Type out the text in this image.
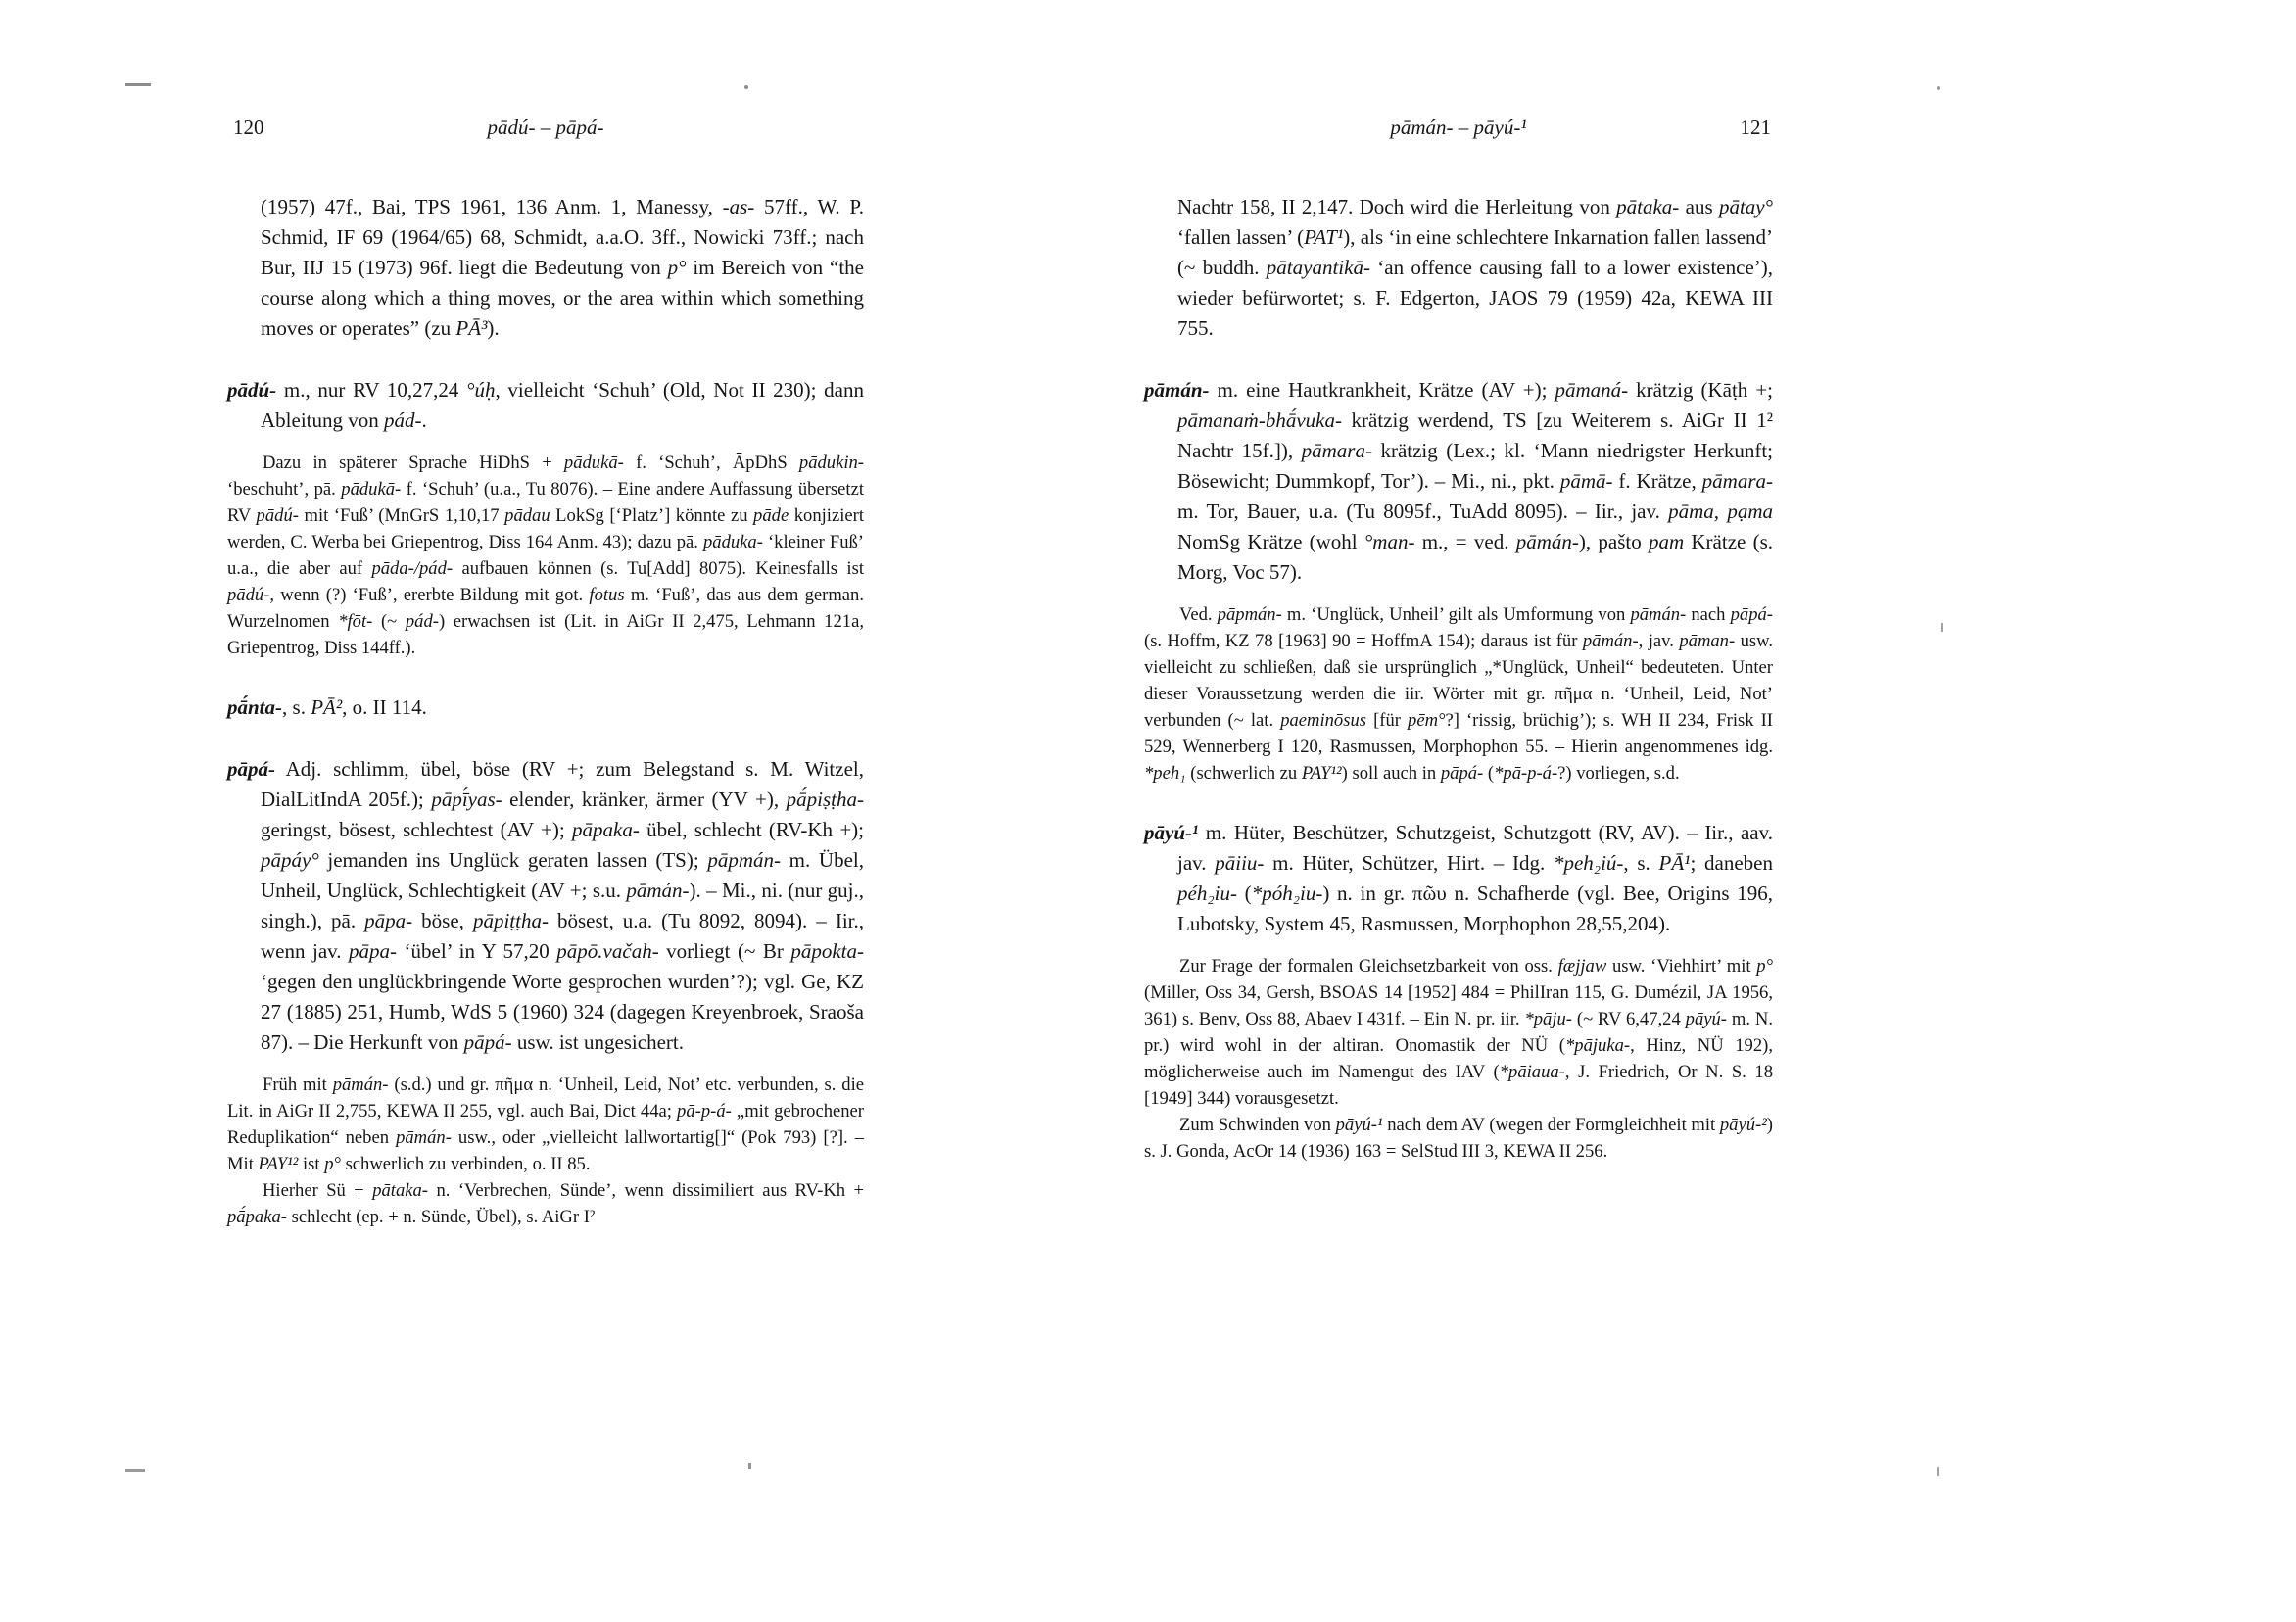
120	pādú- – pāpá-

(1957) 47f., Bai, TPS 1961, 136 Anm. 1, Manessy, -as- 57ff., W. P. Schmid, IF 69 (1964/65) 68, Schmidt, a.a.O. 3ff., Nowicki 73ff.; nach Bur, IIJ 15 (1973) 96f. liegt die Bedeutung von p° im Bereich von “the course along which a thing moves, or the area within which something moves or operates” (zu PĀ³).

pādú- m., nur RV 10,27,24 °úḥ, vielleicht ‘Schuh’ (Old, Not II 230); dann Ableitung von pád-.

Dazu in späterer Sprache HiDhS + pādukā- f. ‘Schuh’, ĀpDhS pādukin- ‘beschuht’, pā. pādukā- f. ‘Schuh’ (u.a., Tu 8076). – Eine andere Auffassung übersetzt RV pādú- mit ‘Fuß’ (MnGrS 1,10,17 pādau LokSg [‘Platz’] könnte zu pāde konjiziert werden, C. Werba bei Griepentrog, Diss 164 Anm. 43); dazu pā. pāduka- ‘kleiner Fuß’ u.a., die aber auf pāda-/pád- aufbauen können (s. Tu[Add] 8075). Keinesfalls ist pādú-, wenn (?) ‘Fuß’, ererbte Bildung mit got. fotus m. ‘Fuß’, das aus dem german. Wurzelnomen *fōt- (~ pád-) erwachsen ist (Lit. in AiGr II 2,475, Lehmann 121a, Griepentrog, Diss 144ff.).

pā́nta-, s. PĀ², o. II 114.

pāpá- Adj. schlimm, übel, böse (RV +; zum Belegstand s. M. Witzel, DialLitIndA 205f.); pāpī́yas- elender, kränker, ärmer (YV +), pā́piṣṭha- geringst, bösest, schlechtest (AV +); pāpaka- übel, schlecht (RV-Kh +); pāpáy° jemanden ins Unglück geraten lassen (TS); pāpmán- m. Übel, Unheil, Unglück, Schlechtigkeit (AV +; s.u. pāmán-). – Mi., ni. (nur guj., singh.), pā. pāpa- böse, pāpiṭṭha- bösest, u.a. (Tu 8092, 8094). – Iir., wenn jav. pāpa- ‘übel’ in Y 57,20 pāpō.vačah- vorliegt (~ Br pāpokta- ‘gegen den unglückbringende Worte gesprochen wurden’?); vgl. Ge, KZ 27 (1885) 251, Humb, WdS 5 (1960) 324 (dagegen Kreyenbroek, Sraoša 87). – Die Herkunft von pāpá- usw. ist ungesichert.

Früh mit pāmán- (s.d.) und gr. πῆμα n. ‘Unheil, Leid, Not’ etc. verbunden, s. die Lit. in AiGr II 2,755, KEWA II 255, vgl. auch Bai, Dict 44a; pā-p-á- „mit gebrochener Reduplikation“ neben pāmán- usw., oder „vielleicht lallwortartig[]“ (Pok 793) [?]. – Mit PAY¹² ist p° schwerlich zu verbinden, o. II 85.

Hierher Sü + pātaka- n. ‘Verbrechen, Sünde’, wenn dissimiliert aus RV-Kh + pā́paka- schlecht (ep. + n. Sünde, Übel), s. AiGr I²

pāmán- – pāyú-¹	121

Nachtr 158, II 2,147. Doch wird die Herleitung von pātaka- aus pātay° ‘fallen lassen’ (PAT¹), als ‘in eine schlechtere Inkarnation fallen lassend’ (~ buddh. pātayantikā- ‘an offence causing fall to a lower existence’), wieder befürwortet; s. F. Edgerton, JAOS 79 (1959) 42a, KEWA III 755.

pāmán- m. eine Hautkrankheit, Krätze (AV +); pāmaná- krätzig (Kāṭh +; pāmanaṁ-bhā́vuka- krätzig werdend, TS [zu Weiterem s. AiGr II 1² Nachtr 15f.]), pāmara- krätzig (Lex.; kl. ‘Mann niedrigster Herkunft; Bösewicht; Dummkopf, Tor’). – Mi., ni., pkt. pāmā- f. Krätze, pāmara- m. Tor, Bauer, u.a. (Tu 8095f., TuAdd 8095). – Iir., jav. pāma, pạma NomSg Krätze (wohl °man- m., = ved. pāmán-), pašto pam Krätze (s. Morg, Voc 57).

Ved. pāpmán- m. ‘Unglück, Unheil’ gilt als Umformung von pāmán- nach pāpá- (s. Hoffm, KZ 78 [1963] 90 = HoffmA 154); daraus ist für pāmán-, jav. pāman- usw. vielleicht zu schließen, daß sie ursprünglich „*Unglück, Unheil“ bedeuteten. Unter dieser Voraussetzung werden die iir. Wörter mit gr. πῆμα n. ‘Unheil, Leid, Not’ verbunden (~ lat. paeminōsus [für pēm°?] ‘rissig, brüchig’); s. WH II 234, Frisk II 529, Wennerberg I 120, Rasmussen, Morphophon 55. – Hierin angenommenes idg. *peh₁ (schwerlich zu PAY¹²) soll auch in pāpá- (*pā-p-á-?) vorliegen, s.d.

pāyú-¹ m. Hüter, Beschützer, Schutzgeist, Schutzgott (RV, AV). – Iir., aav. jav. pāiiu- m. Hüter, Schützer, Hirt. – Idg. *peh₂iú-, s. PĀ¹; daneben péh₂iu- (*póh₂iu-) n. in gr. πῶυ n. Schafherde (vgl. Bee, Origins 196, Lubotsky, System 45, Rasmussen, Morphophon 28,55,204).

Zur Frage der formalen Gleichsetzbarkeit von oss. fæjjaw usw. ‘Viehhirt’ mit p° (Miller, Oss 34, Gersh, BSOAS 14 [1952] 484 = PhilIran 115, G. Dumézil, JA 1956, 361) s. Benv, Oss 88, Abaev I 431f. – Ein N. pr. iir. *pāju- (~ RV 6,47,24 pāyú- m. N. pr.) wird wohl in der altiran. Onomastik der NÜ (*pājuka-, Hinz, NÜ 192), möglicherweise auch im Namengut des IAV (*pāiaua-, J. Friedrich, Or N. S. 18 [1949] 344) vorausgesetzt.

Zum Schwinden von pāyú-¹ nach dem AV (wegen der Formgleichheit mit pāyú-²) s. J. Gonda, AcOr 14 (1936) 163 = SelStud III 3, KEWA II 256.
